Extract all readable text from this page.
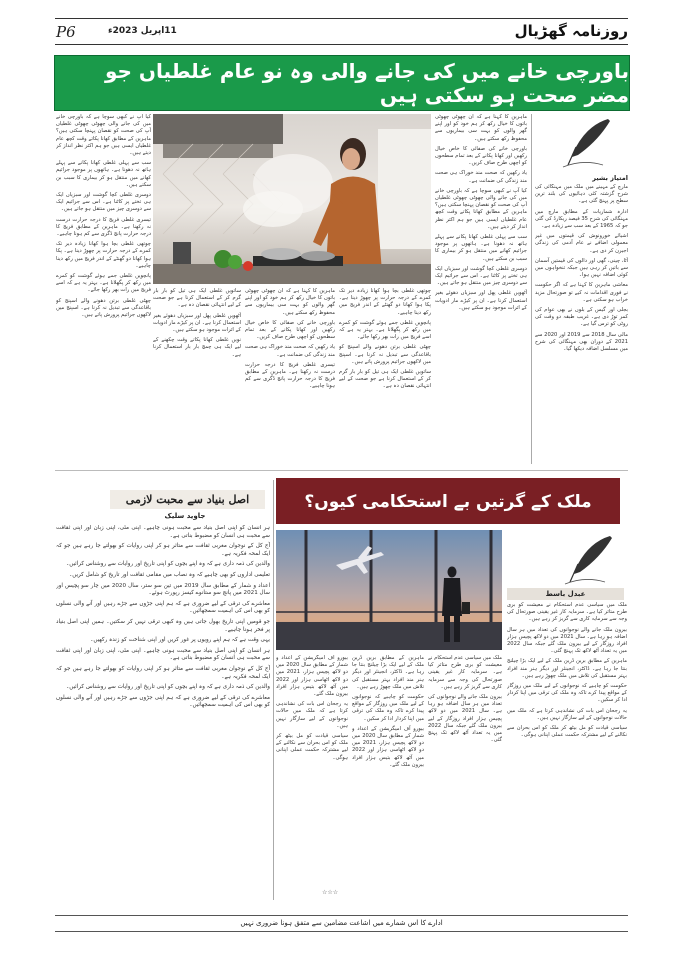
P6	11اپریل 2023ء	روزنامہ گھڑیال
باورچی خانے میں کی جانے والی وہ نو عام غلطیاں جو مضر صحت ہو سکتی ہیں

کیا آپ نے کبھی سوچا ہے کہ باورچی خانے میں کی جانے والی چھوٹی چھوٹی غلطیاں آپ کی صحت کو نقصان پہنچا سکتی ہیں؟ ماہرین کے مطابق کھانا پکاتے وقت کچھ عام غلطیاں ایسی ہیں جو ہم اکثر نظر انداز کر دیتے ہیں۔

سب سے پہلی غلطی کھانا پکانے سے پہلے ہاتھ نہ دھونا ہے۔ ہاتھوں پر موجود جراثیم کھانے میں منتقل ہو کر بیماری کا سبب بن سکتے ہیں۔

دوسری غلطی کچا گوشت اور سبزیاں ایک ہی تختے پر کاٹنا ہے۔ اس سے جراثیم ایک سے دوسری چیز میں منتقل ہو جاتے ہیں۔

تیسری غلطی فریج کا درجہ حرارت درست نہ رکھنا ہے۔ ماہرین کے مطابق فریج کا درجہ حرارت پانچ ڈگری سے کم ہونا چاہیے۔

چوتھی غلطی بچا ہوا کھانا زیادہ دیر تک کمرے کے درجہ حرارت پر چھوڑ دینا ہے۔ پکا ہوا کھانا دو گھنٹے کے اندر فریج میں رکھ دینا چاہیے۔

پانچویں غلطی جمے ہوئے گوشت کو کمرے میں رکھ کر پگھلانا ہے۔ بہتر یہ ہے کہ اسے فریج میں رات بھر رکھا جائے۔

چھٹی غلطی برتن دھونے والے اسپنج کو باقاعدگی سے تبدیل نہ کرنا ہے۔ اسپنج میں لاکھوں جراثیم پرورش پاتے ہیں۔

ساتویں غلطی ایک ہی تیل کو بار بار گرم کر کے استعمال کرنا ہے جو صحت کے لیے انتہائی نقصان دہ ہے۔

آٹھویں غلطی پھل اور سبزیاں دھوئے بغیر استعمال کرنا ہے۔ ان پر کیڑے مار ادویات کے اثرات موجود ہو سکتے ہیں۔

نویں غلطی کھانا پکاتے وقت چکھنے کے لیے ایک ہی چمچ بار بار استعمال کرنا ہے۔

ماہرین کا کہنا ہے کہ ان چھوٹی چھوٹی باتوں کا خیال رکھ کر ہم خود کو اور اپنے گھر والوں کو بہت سی بیماریوں سے محفوظ رکھ سکتے ہیں۔

باورچی خانے کی صفائی کا خاص خیال رکھیں اور کھانا پکانے کے بعد تمام سطحوں کو اچھی طرح صاف کریں۔

یاد رکھیں کہ صحت مند خوراک ہی صحت مند زندگی کی ضمانت ہے۔

تیسری غلطی فریج کا درجہ حرارت درست نہ رکھنا ہے۔ ماہرین کے مطابق فریج کا درجہ حرارت پانچ ڈگری سے کم ہونا چاہیے۔

چوتھی غلطی بچا ہوا کھانا زیادہ دیر تک کمرے کے درجہ حرارت پر چھوڑ دینا ہے۔ پکا ہوا کھانا دو گھنٹے کے اندر فریج میں رکھ دینا چاہیے۔

پانچویں غلطی جمے ہوئے گوشت کو کمرے میں رکھ کر پگھلانا ہے۔ بہتر یہ ہے کہ اسے فریج میں رات بھر رکھا جائے۔

چھٹی غلطی برتن دھونے والے اسپنج کو باقاعدگی سے تبدیل نہ کرنا ہے۔ اسپنج میں لاکھوں جراثیم پرورش پاتے ہیں۔

ساتویں غلطی ایک ہی تیل کو بار بار گرم کر کے استعمال کرنا ہے جو صحت کے لیے انتہائی نقصان دہ ہے۔

ماہرین کا کہنا ہے کہ ان چھوٹی چھوٹی باتوں کا خیال رکھ کر ہم خود کو اور اپنے گھر والوں کو بہت سی بیماریوں سے محفوظ رکھ سکتے ہیں۔

باورچی خانے کی صفائی کا خاص خیال رکھیں اور کھانا پکانے کے بعد تمام سطحوں کو اچھی طرح صاف کریں۔

یاد رکھیں کہ صحت مند خوراک ہی صحت مند زندگی کی ضمانت ہے۔

کیا آپ نے کبھی سوچا ہے کہ باورچی خانے میں کی جانے والی چھوٹی چھوٹی غلطیاں آپ کی صحت کو نقصان پہنچا سکتی ہیں؟ ماہرین کے مطابق کھانا پکاتے وقت کچھ عام غلطیاں ایسی ہیں جو ہم اکثر نظر انداز کر دیتے ہیں۔

سب سے پہلی غلطی کھانا پکانے سے پہلے ہاتھ نہ دھونا ہے۔ ہاتھوں پر موجود جراثیم کھانے میں منتقل ہو کر بیماری کا سبب بن سکتے ہیں۔

دوسری غلطی کچا گوشت اور سبزیاں ایک ہی تختے پر کاٹنا ہے۔ اس سے جراثیم ایک سے دوسری چیز میں منتقل ہو جاتے ہیں۔

آٹھویں غلطی پھل اور سبزیاں دھوئے بغیر استعمال کرنا ہے۔ ان پر کیڑے مار ادویات کے اثرات موجود ہو سکتے ہیں۔

امتیاز بشیر

مارچ کے مہینے میں ملک میں مہنگائی کی شرح گزشتہ کئی دہائیوں کی بلند ترین سطح پر پہنچ گئی ہے۔

ادارہ شماریات کے مطابق مارچ میں مہنگائی کی شرح 35 فیصد ریکارڈ کی گئی جو کہ 1965 کے بعد سب سے زیادہ ہے۔

اشیائے خورونوش کی قیمتوں میں غیر معمولی اضافے نے عام آدمی کی زندگی اجیرن کر دی ہے۔

آٹا، چینی، گھی اور دالوں کی قیمتیں آسمان سے باتیں کر رہی ہیں جبکہ تنخواہوں میں کوئی اضافہ نہیں ہوا۔

معاشی ماہرین کا کہنا ہے کہ اگر حکومت نے فوری اقدامات نہ کیے تو صورتحال مزید خراب ہو سکتی ہے۔

بجلی اور گیس کے بلوں نے بھی عوام کی کمر توڑ دی ہے۔ غریب طبقہ دو وقت کی روٹی کو ترس گیا ہے۔

مالی سال 2018 سے 2019 اور 2020 سے 2021 کے دوران بھی مہنگائی کی شرح میں مسلسل اضافہ دیکھا گیا۔

اصل بنیاد سے محبت لازمی
جاوید سلیک

ہر انسان کو اپنی اصل بنیاد سے محبت ہونی چاہیے۔ اپنی مٹی، اپنی زبان اور اپنی ثقافت سے محبت ہی انسان کو مضبوط بناتی ہے۔

آج کل کے نوجوان مغربی ثقافت سے متاثر ہو کر اپنی روایات کو بھولتے جا رہے ہیں جو کہ ایک لمحہ فکریہ ہے۔

والدین کی ذمہ داری ہے کہ وہ اپنے بچوں کو اپنی تاریخ اور روایات سے روشناس کرائیں۔

تعلیمی اداروں کو بھی چاہیے کہ وہ نصاب میں مقامی ثقافت اور تاریخ کو شامل کریں۔

اعداد و شمار کے مطابق سال 2019 میں تین سو ستر، سال 2020 میں چار سو پچیس اور سال 2021 میں پانچ سو ستانوے کیسز رپورٹ ہوئے۔

معاشرے کی ترقی کے لیے ضروری ہے کہ ہم اپنی جڑوں سے جڑے رہیں اور آنے والی نسلوں کو بھی اس کی اہمیت سمجھائیں۔

جو قومیں اپنی تاریخ بھول جاتی ہیں وہ کبھی ترقی نہیں کر سکتیں۔ ہمیں اپنی اصل بنیاد پر فخر ہونا چاہیے۔

یہی وقت ہے کہ ہم اپنے رویوں پر غور کریں اور اپنی شناخت کو زندہ رکھیں۔

ہر انسان کو اپنی اصل بنیاد سے محبت ہونی چاہیے۔ اپنی مٹی، اپنی زبان اور اپنی ثقافت سے محبت ہی انسان کو مضبوط بناتی ہے۔

آج کل کے نوجوان مغربی ثقافت سے متاثر ہو کر اپنی روایات کو بھولتے جا رہے ہیں جو کہ ایک لمحہ فکریہ ہے۔

والدین کی ذمہ داری ہے کہ وہ اپنے بچوں کو اپنی تاریخ اور روایات سے روشناس کرائیں۔

معاشرے کی ترقی کے لیے ضروری ہے کہ ہم اپنی جڑوں سے جڑے رہیں اور آنے والی نسلوں کو بھی اس کی اہمیت سمجھائیں۔

ملک کے گرتیں بے استحکامی کیوں؟
عبدل باسط

ملک میں سیاسی عدم استحکام نے معیشت کو بری طرح متاثر کیا ہے۔ سرمایہ کار غیر یقینی صورتحال کی وجہ سے سرمایہ کاری سے گریز کر رہے ہیں۔

بیرون ملک جانے والے نوجوانوں کی تعداد میں ہر سال اضافہ ہو رہا ہے۔ سال 2021 میں دو لاکھ پچیس ہزار افراد روزگار کے لیے بیرون ملک گئے جبکہ سال 2022 میں یہ تعداد آٹھ لاکھ تک پہنچ گئی۔

ماہرین کے مطابق برین ڈرین ملک کے لیے ایک بڑا چیلنج بنتا جا رہا ہے۔ ڈاکٹر، انجینئر اور دیگر ہنر مند افراد بہتر مستقبل کی تلاش میں ملک چھوڑ رہے ہیں۔

حکومت کو چاہیے کہ نوجوانوں کے لیے ملک میں روزگار کے مواقع پیدا کرے تاکہ وہ ملک کی ترقی میں اپنا کردار ادا کر سکیں۔

یہ رجحان اس بات کی نشاندہی کرتا ہے کہ ملک میں حالات نوجوانوں کے لیے سازگار نہیں ہیں۔

سیاسی قیادت کو مل بیٹھ کر ملک کو اس بحران سے نکالنے کے لیے مشترکہ حکمت عملی اپنانی ہوگی۔

بیورو آف امیگریشن کے اعداد و شمار کے مطابق سال 2020 میں دو لاکھ پچیس ہزار، 2021 میں دو لاکھ اٹھاسی ہزار اور 2022 میں آٹھ لاکھ بتیس ہزار افراد بیرون ملک گئے۔

یہ رجحان اس بات کی نشاندہی کرتا ہے کہ ملک میں حالات نوجوانوں کے لیے سازگار نہیں ہیں۔

سیاسی قیادت کو مل بیٹھ کر ملک کو اس بحران سے نکالنے کے لیے مشترکہ حکمت عملی اپنانی ہوگی۔

ماہرین کے مطابق برین ڈرین ملک کے لیے ایک بڑا چیلنج بنتا جا رہا ہے۔ ڈاکٹر، انجینئر اور دیگر ہنر مند افراد بہتر مستقبل کی تلاش میں ملک چھوڑ رہے ہیں۔

حکومت کو چاہیے کہ نوجوانوں کے لیے ملک میں روزگار کے مواقع پیدا کرے تاکہ وہ ملک کی ترقی میں اپنا کردار ادا کر سکیں۔

بیورو آف امیگریشن کے اعداد و شمار کے مطابق سال 2020 میں دو لاکھ پچیس ہزار، 2021 میں دو لاکھ اٹھاسی ہزار اور 2022 میں آٹھ لاکھ بتیس ہزار افراد بیرون ملک گئے۔

ملک میں سیاسی عدم استحکام نے معیشت کو بری طرح متاثر کیا ہے۔ سرمایہ کار غیر یقینی صورتحال کی وجہ سے سرمایہ کاری سے گریز کر رہے ہیں۔

بیرون ملک جانے والے نوجوانوں کی تعداد میں ہر سال اضافہ ہو رہا ہے۔ سال 2021 میں دو لاکھ پچیس ہزار افراد روزگار کے لیے بیرون ملک گئے جبکہ سال 2022 میں یہ تعداد آٹھ لاکھ تک پہنچ گئی۔

☆☆☆
ادارے کا اس شمارے میں اشاعت مضامین سے متفق ہونا ضروری نہیں
